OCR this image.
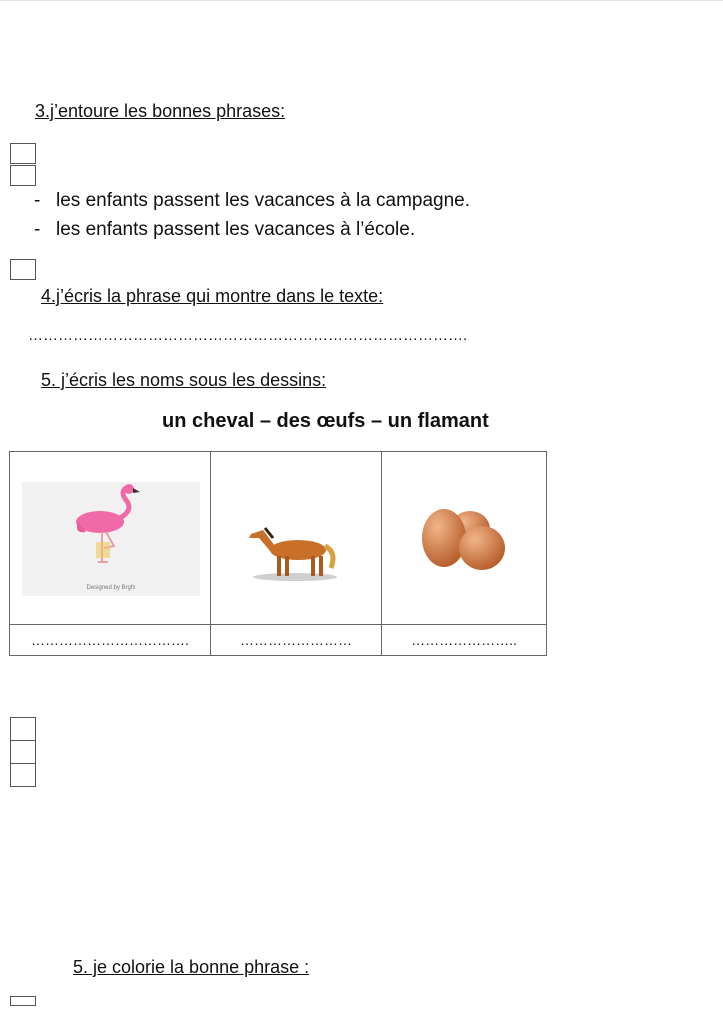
3.j’entoure les bonnes phrases:
- les enfants passent les vacances à la campagne.
- les enfants passent les vacances à l’école.
4.j’écris la phrase qui montre dans le texte:
…………………………………………………………………………….
5. j’écris les noms sous les dessins:
un cheval – des œufs – un flamant
Designed by Brgfx

…………………………….	……………………	…………………..
5. je colorie la bonne phrase :
